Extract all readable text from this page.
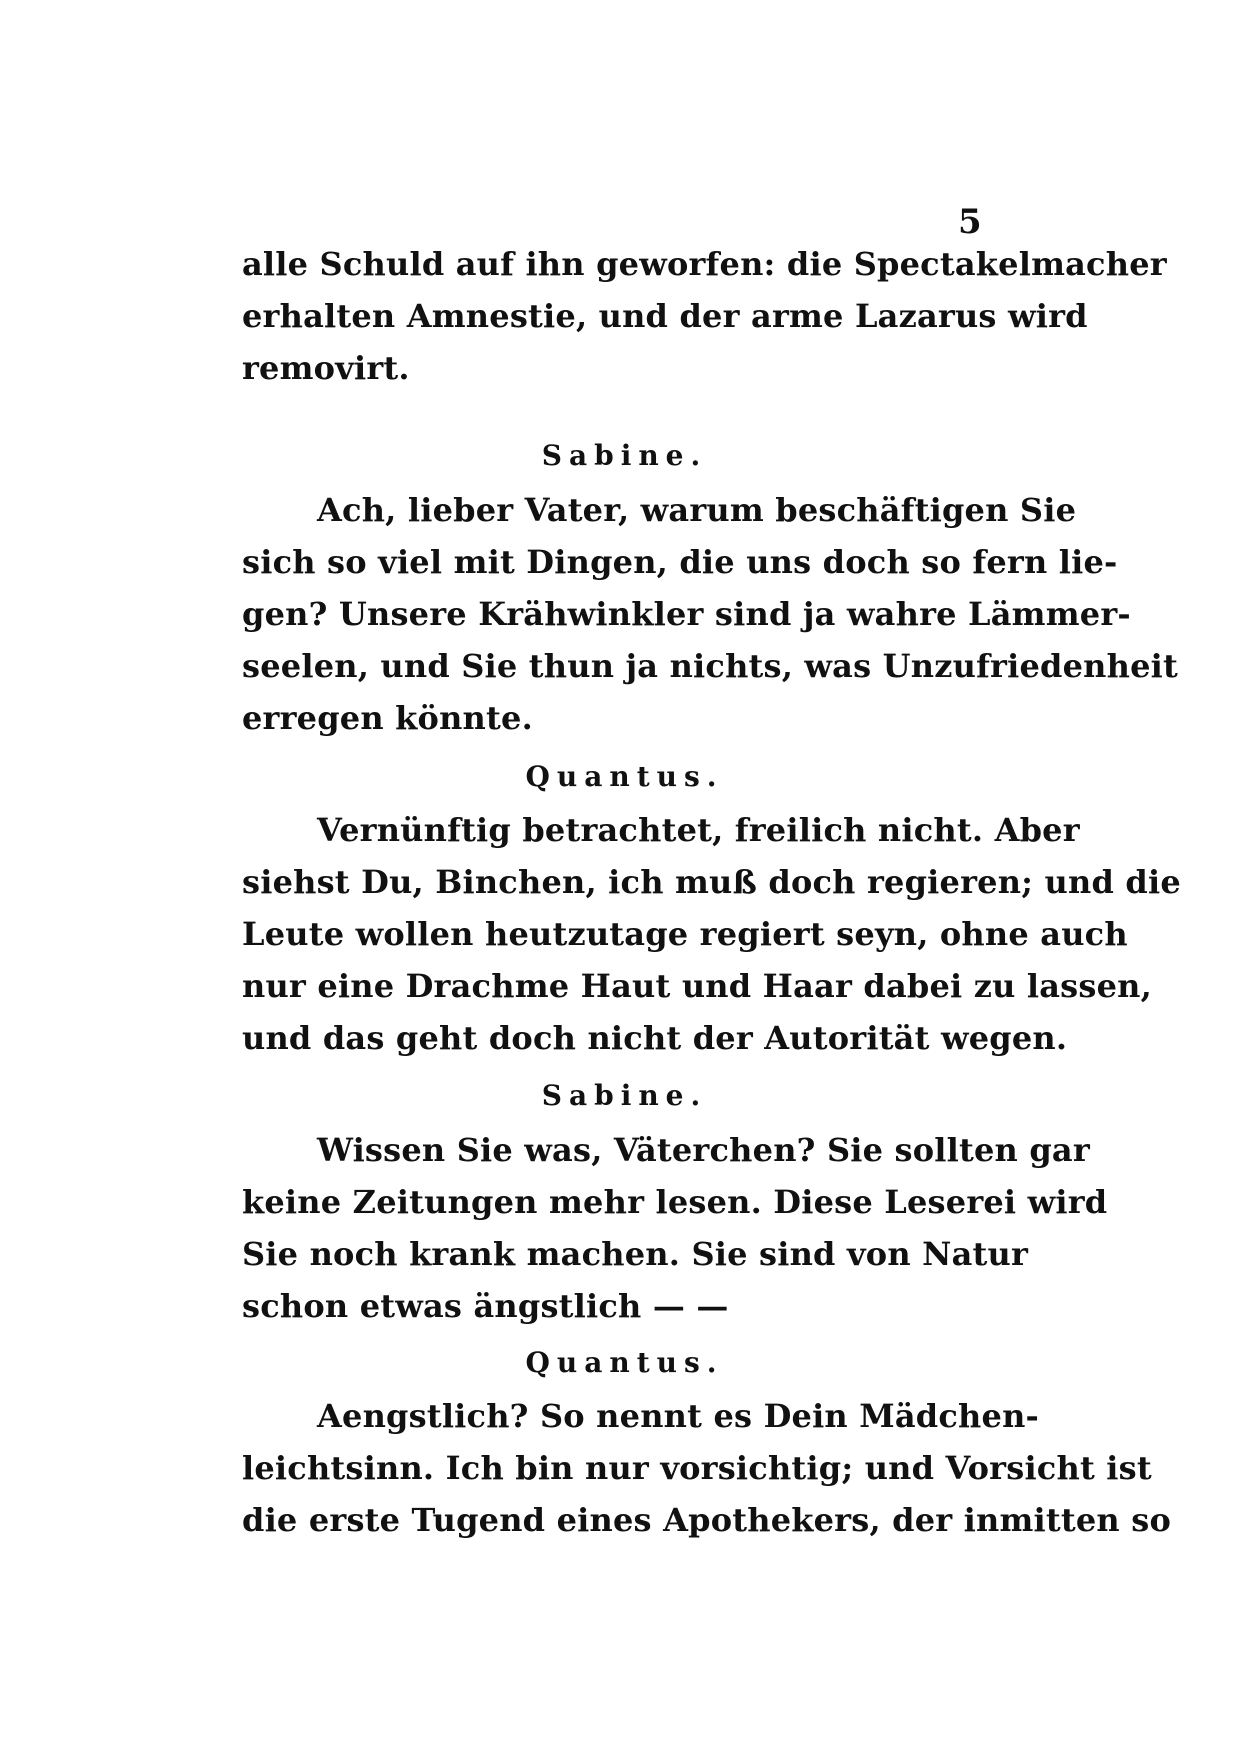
5
alle Schuld auf ihn geworfen: die Spectakelmacher
erhalten Amnestie, und der arme Lazarus wird
removirt.
Sabine.
Ach, lieber Vater, warum beschäftigen Sie
sich so viel mit Dingen, die uns doch so fern lie-
gen? Unsere Krähwinkler sind ja wahre Lämmer-
seelen, und Sie thun ja nichts, was Unzufriedenheit
erregen könnte.
Quantus.
Vernünftig betrachtet, freilich nicht. Aber
siehst Du, Binchen, ich muß doch regieren; und die
Leute wollen heutzutage regiert seyn, ohne auch
nur eine Drachme Haut und Haar dabei zu lassen,
und das geht doch nicht der Autorität wegen.
Sabine.
Wissen Sie was, Väterchen? Sie sollten gar
keine Zeitungen mehr lesen. Diese Leserei wird
Sie noch krank machen. Sie sind von Natur
schon etwas ängstlich — —
Quantus.
Aengstlich? So nennt es Dein Mädchen-
leichtsinn. Ich bin nur vorsichtig; und Vorsicht ist
die erste Tugend eines Apothekers, der inmitten so
